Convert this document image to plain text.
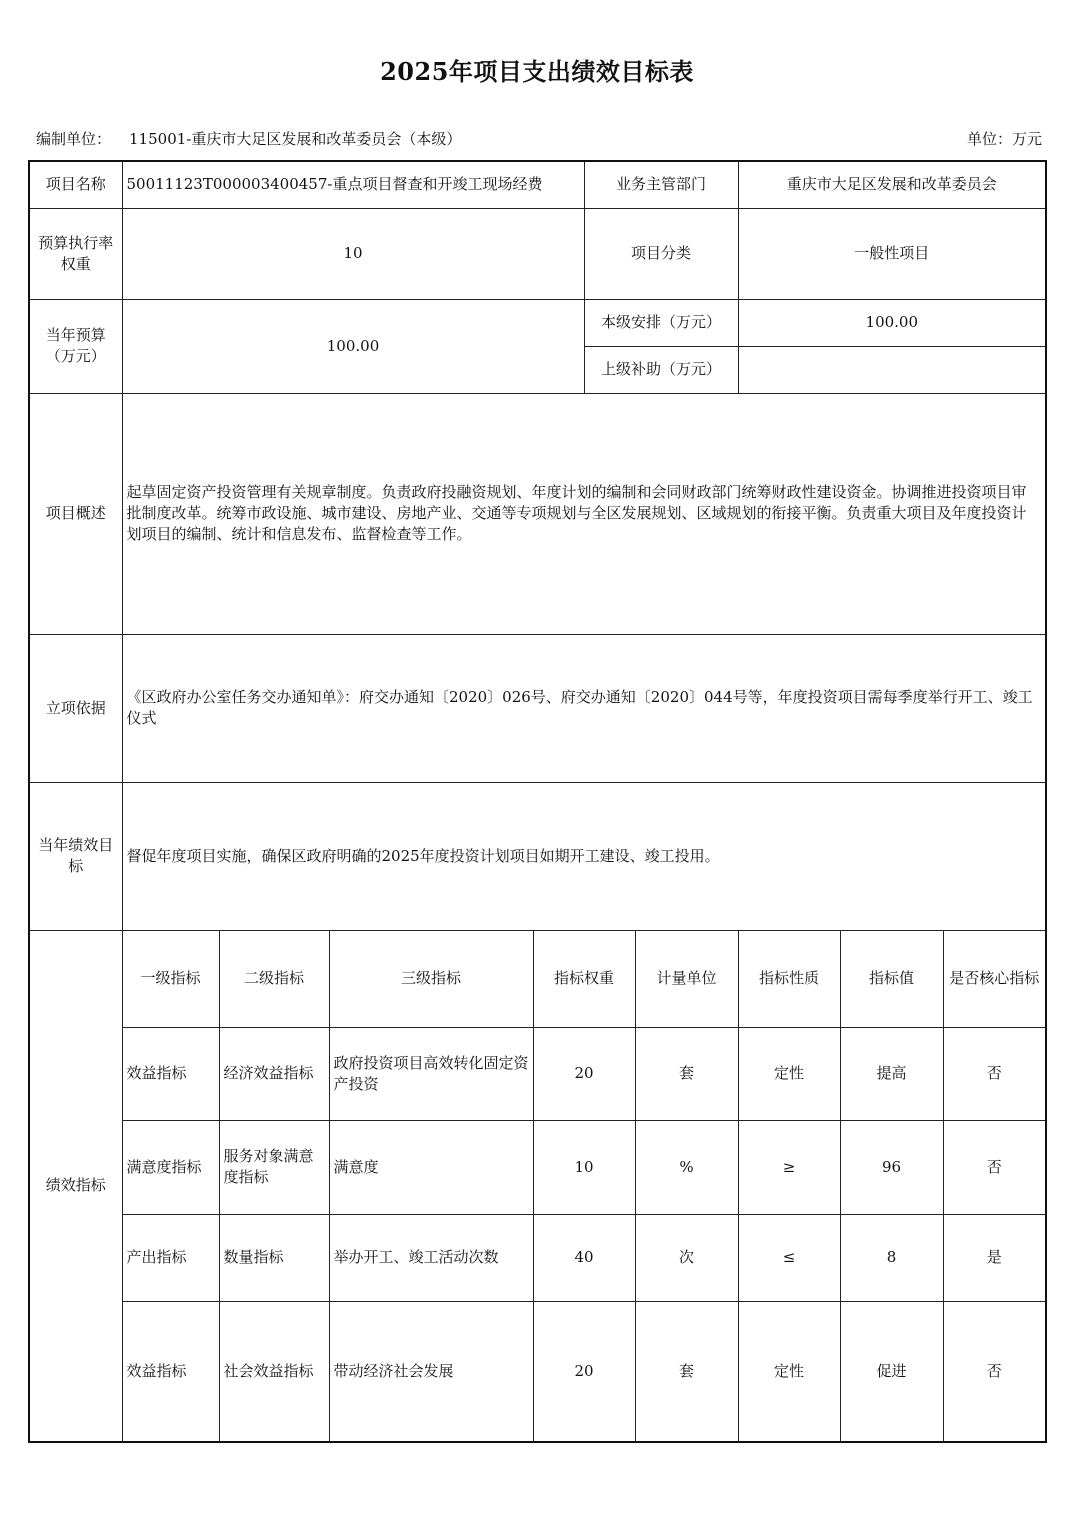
2025年项目支出绩效目标表
编制单位： 115001-重庆市大足区发展和改革委员会（本级）	单位：万元
项目名称	50011123T000003400457-重点项目督查和开竣工现场经费				业务主管部门		重庆市大足区发展和改革委员会		
预算执行率权重	10				项目分类		一般性项目		
当年预算（万元）	100.00				本级安排（万元）		100.00		
					上级补助（万元）				
项目概述	起草固定资产投资管理有关规章制度。负责政府投融资规划、年度计划的编制和会同财政部门统筹财政性建设资金。协调推进投资项目审批制度改革。统筹市政设施、城市建设、房地产业、交通等专项规划与全区发展规划、区域规划的衔接平衡。负责重大项目及年度投资计划项目的编制、统计和信息发布、监督检查等工作。								
立项依据	《区政府办公室任务交办通知单》：府交办通知〔2020〕026号、府交办通知〔2020〕044号等，年度投资项目需每季度举行开工、竣工仪式								
当年绩效目标	督促年度项目实施，确保区政府明确的2025年度投资计划项目如期开工建设、竣工投用。								
绩效指标	一级指标	二级指标	三级指标	指标权重		计量单位	指标性质	指标值	是否核心指标
	效益指标	经济效益指标	政府投资项目高效转化固定资产投资	20		套	定性	提高	否
	满意度指标	服务对象满意度指标	满意度	10		%	≥	96	否
	产出指标	数量指标	举办开工、竣工活动次数	40		次	≤	8	是
	效益指标	社会效益指标	带动经济社会发展	20		套	定性	促进	否
